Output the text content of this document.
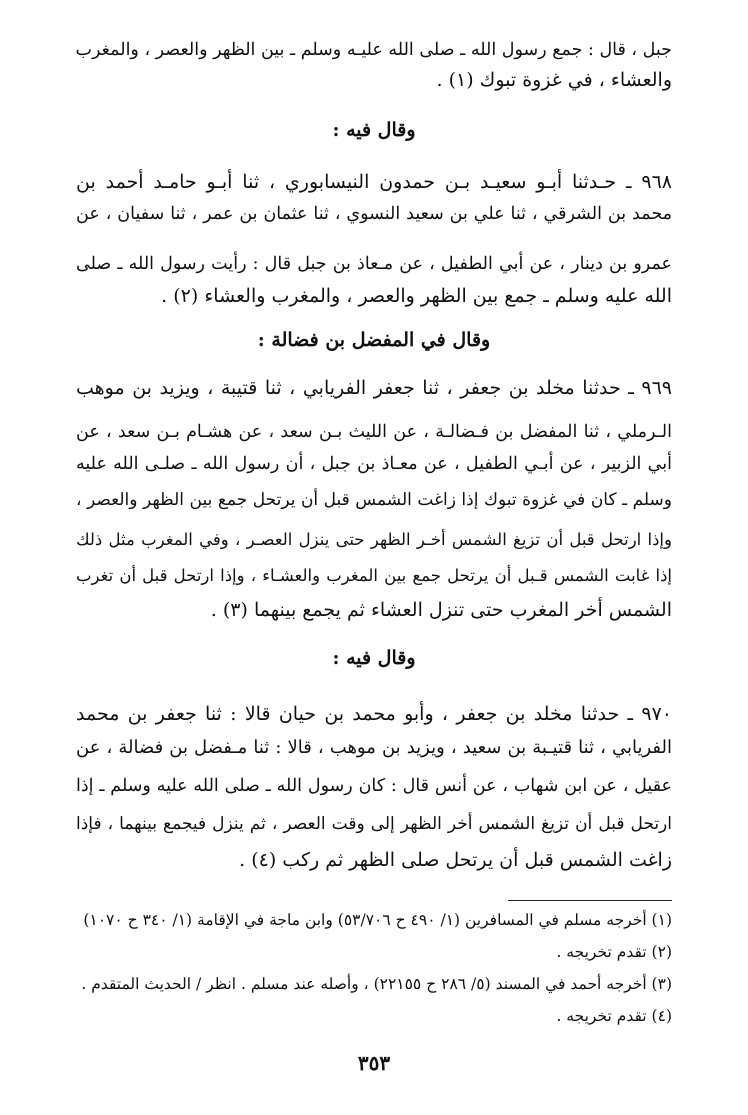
جبل ، قال : جمع رسول الله ـ صلى الله عليـه وسلم ـ بين الظهر والعصر ، والمغرب
والعشاء ، في غزوة تبوك (١) .
وقال فيه :
٩٦٨ ـ حـدثنا أبـو سعيـد بـن حمدون النيسابوري ، ثنا أبـو حامـد أحمد بن
محمد بن الشرقي ، ثنا علي بن سعيد النسوي ، ثنا عثمان بن عمر ، ثنا سفيان ، عن
عمرو بن دينار ، عن أبي الطفيل ، عن مـعاذ بن جبل قال : رأيت رسول الله ـ صلى
الله عليه وسلم ـ جمع بين الظهر والعصر ، والمغرب والعشاء (٢) .
وقال في المفضل بن فضالة :
٩٦٩ ـ حدثنا مخلد بن جعفر ، ثنا جعفر الفريابي ، ثنا قتيبة ، ويزيد بن موهب
الـرملي ، ثنا المفضل بن فـضالـة ، عن الليث بـن سعد ، عن هشـام بـن سعد ، عن
أبي الزبير ، عن أبـي الطفيل ، عن معـاذ بن جبل ، أن رسول الله ـ صلـى الله عليه
وسلم ـ كان في غزوة تبوك إذا زاغت الشمس قبل أن يرتحل جمع بين الظهر والعصر ،
وإذا ارتحل قبل أن تزيغ الشمس أخـر الظهر حتى ينزل العصـر ، وفي المغرب مثل ذلك
إذا غابت الشمس قـبل أن يرتحل جمع بين المغرب والعشـاء ، وإذا ارتحل قبل أن تغرب
الشمس أخر المغرب حتى تنزل العشاء ثم يجمع بينهما (٣) .
وقال فيه :
٩٧٠ ـ حدثنا مخلد بن جعفر ، وأبو محمد بن حيان قالا : ثنا جعفر بن محمد
الفريابي ، ثنا قتيـبة بن سعيد ، ويزيد بن موهب ، قالا : ثنا مـفضل بن فضالة ، عن
عقيل ، عن ابن شهاب ، عن أنس قال : كان رسول الله ـ صلى الله عليه وسلم ـ إذا
ارتحل قبل أن تزيغ الشمس أخر الظهر إلى وقت العصر ، ثم ينزل فيجمع بينهما ، فإذا
زاغت الشمس قبل أن يرتحل صلى الظهر ثم ركب (٤) .
(١) أخرجه مسلم في المسافرين (١/ ٤٩٠ ح ٥٣/٧٠٦) وابن ماجة في الإقامة (١/ ٣٤٠ ح ١٠٧٠)
(٢) تقدم تخريجه .
(٣) أخرجه أحمد في المسند (٥/ ٢٨٦ ح ٢٢١٥٥) ، وأصله عند مسلم . انظر / الحديث المتقدم .
(٤) تقدم تخريجه .
٣٥٣
